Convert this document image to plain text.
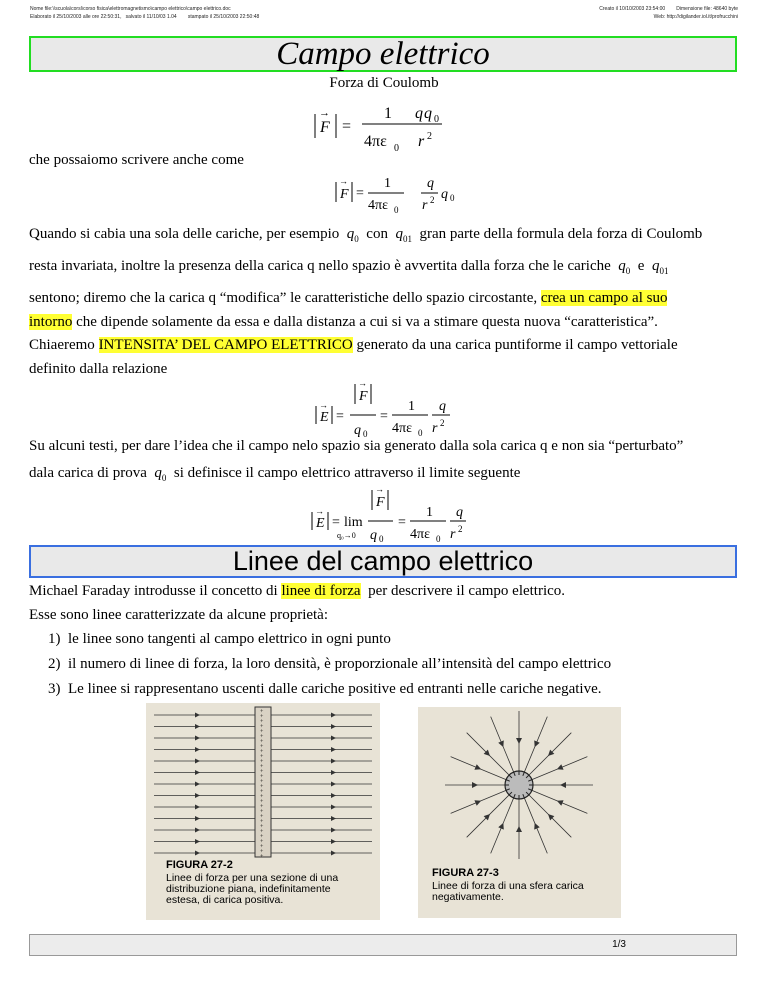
Nome file:\\scuola\corsi\corso fisica\elettromagnetismo\campo elettrico\campo elettrico.doc
Elaborato il 25/10/2003 alle ore 22:50:31, salvato il 11/10/03 1.04 stampato il 25/10/2003 22:50:48
Creato il 10/10/2003 23:54:00 Dimensione file: 48640 byte
Web: http://digilander.iol.it/profrucchini
Campo elettrico
Forza di Coulomb
F
→
=
1
4πε 0
q q 0
r 2
che possaiomo scrivere anche come
F
→
=
1
4πε 0
q
r 2 q 0
Quando si cabia una sola delle cariche, per esempio $q_0$ con $q_{01}$ gran parte della formula dela forza di Coulomb
resta invariata, inoltre la presenza della carica q nello spazio è avvertita dalla forza che le cariche $q_0$ e $q_{01}$
sentono; diremo che la carica q “modifica” le caratteristiche dello spazio circostante, crea un campo al suo
intorno che dipende solamente da essa e dalla distanza a cui si va a stimare questa nuova “caratteristica”.
Chiaeremo INTENSITA’ DEL CAMPO ELETTRICO generato da una carica puntiforme il campo vettoriale
definito dalla relazione
E
→
=
F
→
q 0
=
1
4πε 0
q
r 2
Su alcuni testi, per dare l’idea che il campo nelo spazio sia generato dalla sola carica q e non sia “perturbato”
dala carica di prova $q_0$ si definisce il campo elettrico attraverso il limite seguente
E
→
= lim
q₀→0
F
→
q 0
=
1
4πε 0
q
r 2
Linee del campo elettrico
Michael Faraday introdusse il concetto di linee di forza per descrivere il campo elettrico.
Esse sono linee caratterizzate da alcune proprietà:
1) le linee sono tangenti al campo elettrico in ogni punto
2) il numero di linee di forza, la loro densità, è proporzionale all’intensità del campo elettrico
3) Le linee si rappresentano uscenti dalle cariche positive ed entranti nelle cariche negative.
+
+
+
+
+
+
+
+
+
+
+
+
+
+
+
+
+
+
+
+
+
+
+
+
+
+
+
+
+
+
FIGURA 27-2
Linee di forza per una sezione di una
distribuzione piana, indefinitamente
estesa, di carica positiva.
FIGURA 27-3
Linee di forza di una sfera carica
negativamente.
1/3
